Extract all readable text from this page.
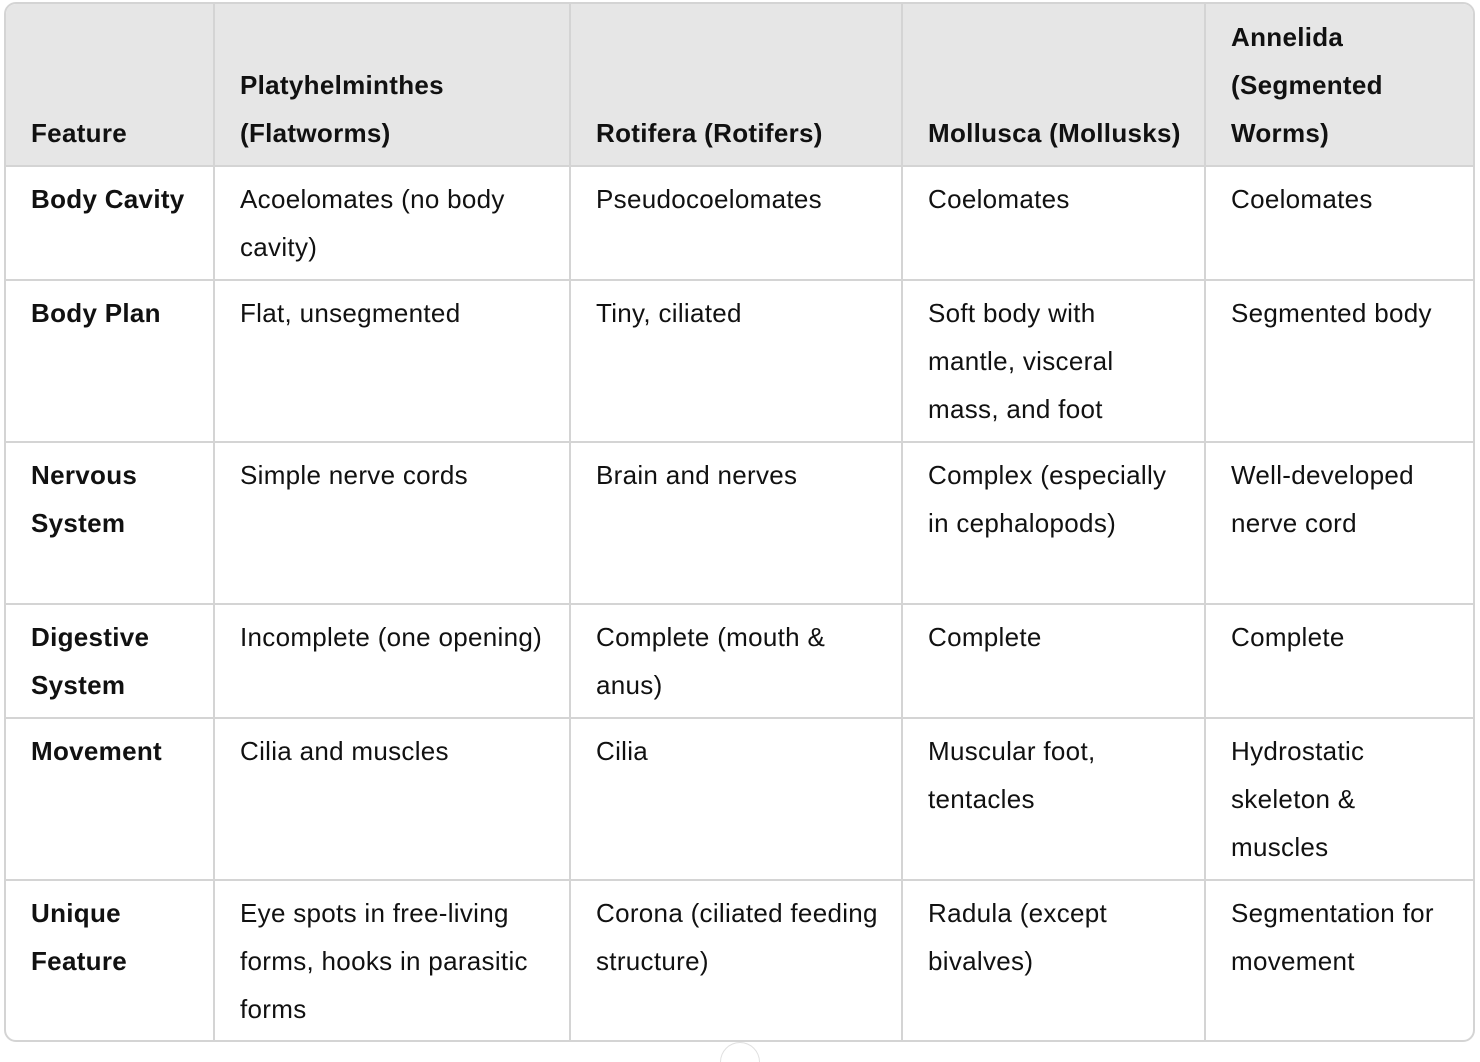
Feature	Platyhelminthes (Flatworms)	Rotifera (Rotifers)	Mollusca (Mollusks)	Annelida (Segmented Worms)
Body Cavity	Acoelomates (no body cavity)	Pseudocoelomates	Coelomates	Coelomates
Body Plan	Flat, unsegmented	Tiny, ciliated	Soft body with mantle, visceral mass, and foot	Segmented body
Nervous System	Simple nerve cords	Brain and nerves	Complex (especially in cephalopods)	Well-developed nerve cord
Digestive System	Incomplete (one opening)	Complete (mouth & anus)	Complete	Complete
Movement	Cilia and muscles	Cilia	Muscular foot, tentacles	Hydrostatic skeleton & muscles
Unique Feature	Eye spots in free-living forms, hooks in parasitic forms	Corona (ciliated feeding structure)	Radula (except bivalves)	Segmentation for movement
